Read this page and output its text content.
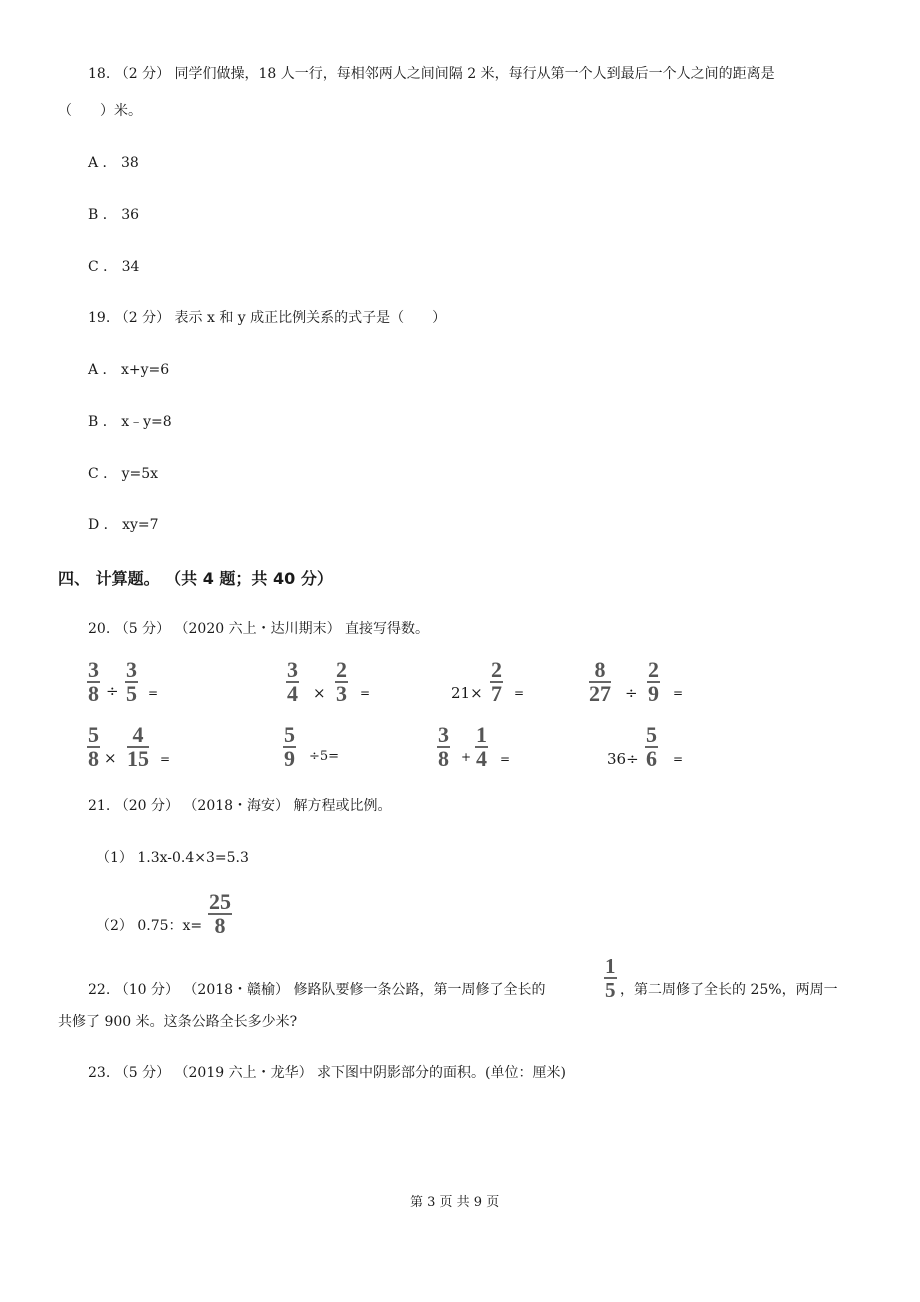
18. （2 分） 同学们做操，18 人一行，每相邻两人之间间隔 2 米，每行从第一个人到最后一个人之间的距离是
（　　）米。
A ． 38
B ． 36
C ． 34
19. （2 分） 表示 x 和 y 成正比例关系的式子是（　　）
A ． x+y=6
B ． x﹣y=8
C ． y=5x
D ． xy=7
四、 计算题。 （共 4 题；共 40 分）
20. （5 分） （2020 六上・达川期末） 直接写得数。
3
8 ÷
3
5 =
3
4 ×
2
3 =	21×
2
7 =
8
27 ÷
2
9 =
5
8 ×
4
15 =
5
9 ÷5=
3
8 +
1
4 =	36÷
5
6 =
21. （20 分） （2018・海安） 解方程或比例。
（1） 1.3x-0.4×3=5.3
（2） 0.75：x=
25
8
22. （10 分） （2018・赣榆） 修路队要修一条公路，第一周修了全长的
1
5 ，第二周修了全长的 25%，两周一
共修了 900 米。这条公路全长多少米?
23. （5 分） （2019 六上・龙华） 求下图中阴影部分的面积。(单位：厘米)
第 3 页 共 9 页
